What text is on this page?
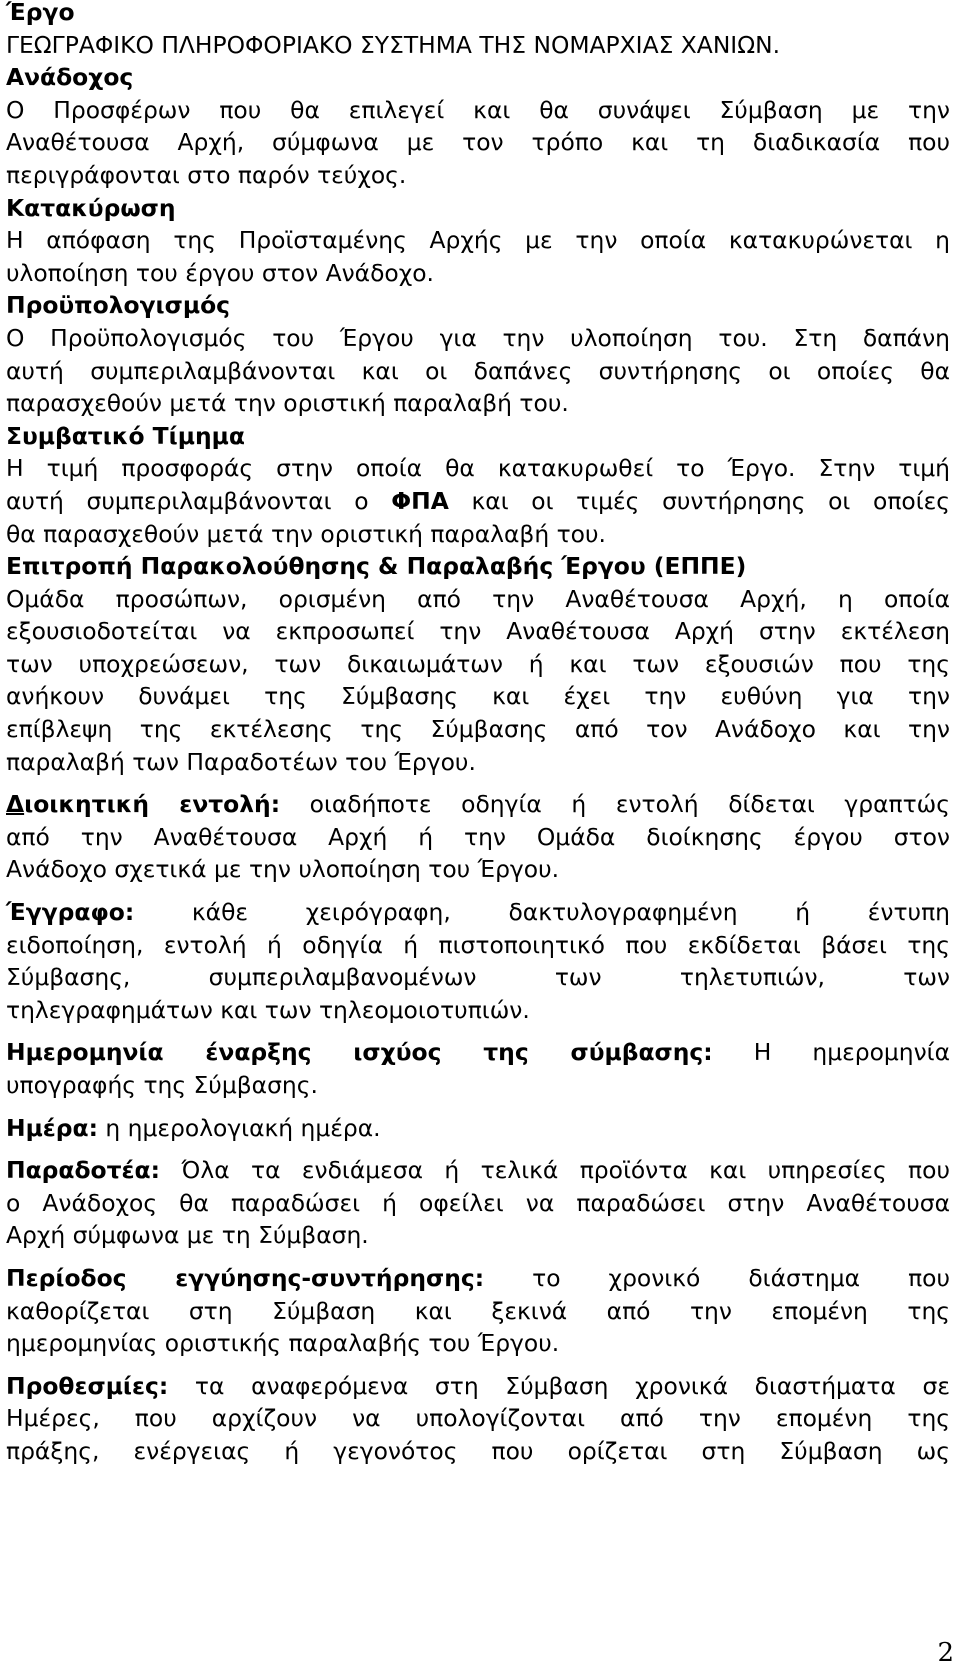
Έργο
ΓΕΩΓΡΑΦΙΚΟ ΠΛΗΡΟΦΟΡΙΑΚΟ ΣΥΣΤΗΜΑ ΤΗΣ ΝΟΜΑΡΧΙΑΣ ΧΑΝΙΩΝ.
Ανάδοχος
Ο Προσφέρων που θα επιλεγεί και θα συνάψει Σύμβαση με την
Αναθέτουσα Αρχή, σύμφωνα με τον τρόπο και τη διαδικασία που
περιγράφονται στο παρόν τεύχος.
Κατακύρωση
Η απόφαση της Προϊσταμένης Αρχής με την οποία κατακυρώνεται η
υλοποίηση του έργου στον Ανάδοχο.
Προϋπολογισμός
Ο Προϋπολογισμός του Έργου για την υλοποίηση του. Στη δαπάνη
αυτή συμπεριλαμβάνονται και οι δαπάνες συντήρησης οι οποίες θα
παρασχεθούν μετά την οριστική παραλαβή του.
Συμβατικό Τίμημα
Η τιμή προσφοράς στην οποία θα κατακυρωθεί το Έργο. Στην τιμή
αυτή συμπεριλαμβάνονται ο ΦΠΑ και οι τιμές συντήρησης οι οποίες
θα παρασχεθούν μετά την οριστική παραλαβή του.
Επιτροπή Παρακολούθησης & Παραλαβής Έργου (ΕΠΠΕ)
Ομάδα προσώπων, ορισμένη από την Αναθέτουσα Αρχή, η οποία
εξουσιοδοτείται να εκπροσωπεί την Αναθέτουσα Αρχή στην εκτέλεση
των υποχρεώσεων, των δικαιωμάτων ή και των εξουσιών που της
ανήκουν δυνάμει της Σύμβασης και έχει την ευθύνη για την
επίβλεψη της εκτέλεσης της Σύμβασης από τον Ανάδοχο και την
παραλαβή των Παραδοτέων του Έργου.
Διοικητική εντολή: οιαδήποτε οδηγία ή εντολή δίδεται γραπτώς
από την Αναθέτουσα Αρχή ή την Ομάδα διοίκησης έργου στον
Ανάδοχο σχετικά με την υλοποίηση του Έργου.
Έγγραφο: κάθε χειρόγραφη, δακτυλογραφημένη ή έντυπη
ειδοποίηση, εντολή ή οδηγία ή πιστοποιητικό που εκδίδεται βάσει της
Σύμβασης, συμπεριλαμβανομένων των τηλετυπιών, των
τηλεγραφημάτων και των τηλεομοιοτυπιών.
Ημερομηνία έναρξης ισχύος της σύμβασης: Η ημερομηνία
υπογραφής της Σύμβασης.
Ημέρα: η ημερολογιακή ημέρα.
Παραδοτέα: Όλα τα ενδιάμεσα ή τελικά προϊόντα και υπηρεσίες που
ο Ανάδοχος θα παραδώσει ή οφείλει να παραδώσει στην Αναθέτουσα
Αρχή σύμφωνα με τη Σύμβαση.
Περίοδος εγγύησης-συντήρησης: το χρονικό διάστημα που
καθορίζεται στη Σύμβαση και ξεκινά από την επομένη της
ημερομηνίας οριστικής παραλαβής του Έργου.
Προθεσμίες: τα αναφερόμενα στη Σύμβαση χρονικά διαστήματα σε
Ημέρες, που αρχίζουν να υπολογίζονται από την επομένη της
πράξης, ενέργειας ή γεγονότος που ορίζεται στη Σύμβαση ως
2
